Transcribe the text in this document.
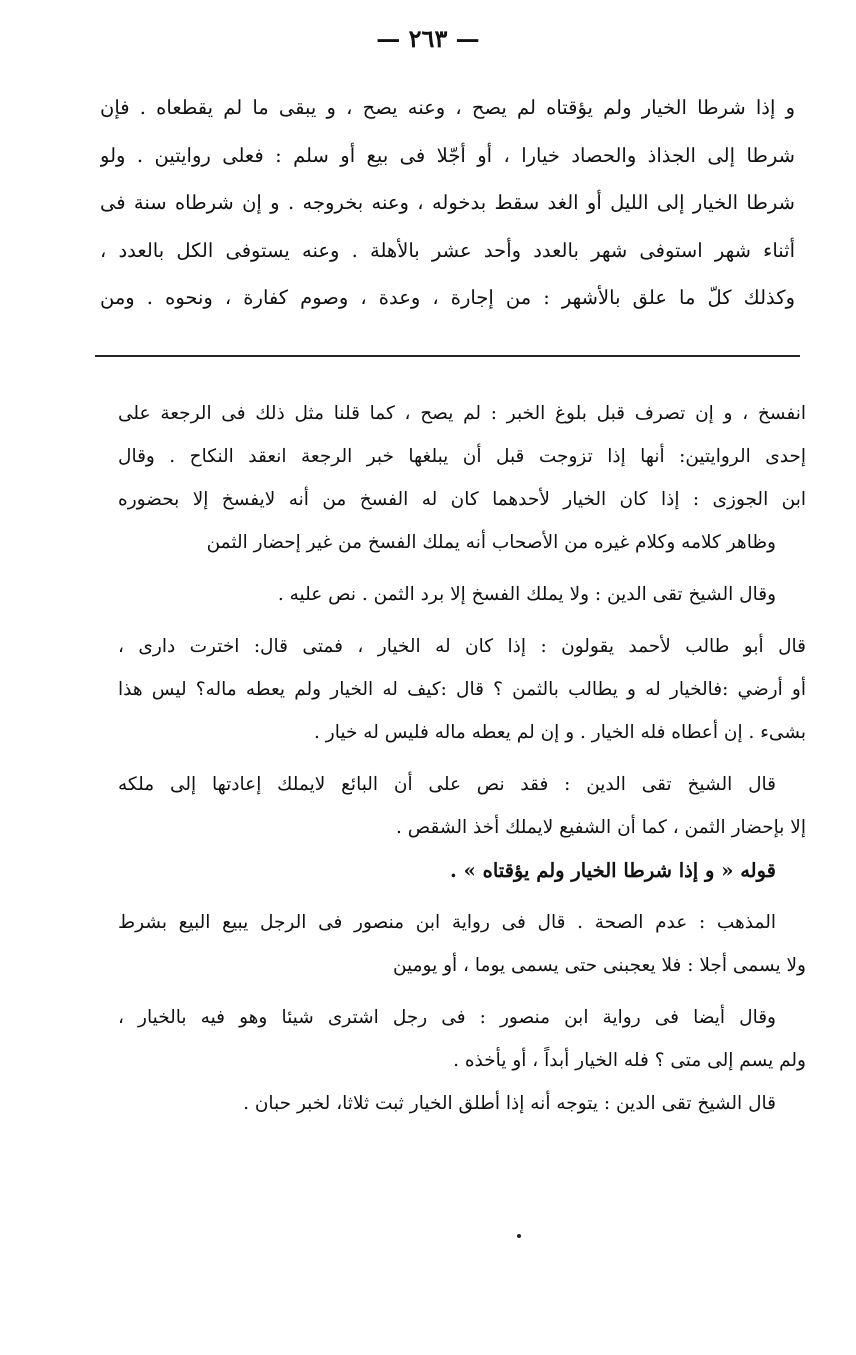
— ٢٦٣ —
و إذا شرطا الخيار ولم يؤقتاه لم يصح ، وعنه يصح ، و يبقى ما لم يقطعاه . فإن
شرطا إلى الجذاذ والحصاد خيارا ، أو أجّلا فى بيع أو سلم : فعلى روايتين . ولو
شرطا الخيار إلى الليل أو الغد سقط بدخوله ، وعنه بخروجه . و إن شرطاه سنة فى
أثناء شهر استوفى شهر بالعدد وأحد عشر بالأهلة . وعنه يستوفى الكل بالعدد ،
وكذلك كلّ ما علق بالأشهر : من إجارة ، وعدة ، وصوم كفارة ، ونحوه . ومن
انفسخ ، و إن تصرف قبل بلوغ الخبر : لم يصح ، كما قلنا مثل ذلك فى الرجعة على
إحدى الروايتين: أنها إذا تزوجت قبل أن يبلغها خبر الرجعة انعقد النكاح . وقال
ابن الجوزى : إذا كان الخيار لأحدهما كان له الفسخ من أنه لايفسخ إلا بحضوره
وظاهر كلامه وكلام غيره من الأصحاب أنه يملك الفسخ من غير إحضار الثمن
وقال الشيخ تقى الدين : ولا يملك الفسخ إلا برد الثمن . نص عليه .
قال أبو طالب لأحمد يقولون : إذا كان له الخيار ، فمتى قال: اخترت دارى ،
أو أرضي :فالخيار له و يطالب بالثمن ؟ قال :كيف له الخيار ولم يعطه ماله؟ ليس هذا
بشىء . إن أعطاه فله الخيار . و إن لم يعطه ماله فليس له خيار .
قال الشيخ تقى الدين : فقد نص على أن البائع لايملك إعادتها إلى ملكه
إلا بإحضار الثمن ، كما أن الشفيع لايملك أخذ الشقص .
قوله « و إذا شرطا الخيار ولم يؤقتاه » .
المذهب : عدم الصحة . قال فى رواية ابن منصور فى الرجل يبيع البيع بشرط
ولا يسمى أجلا : فلا يعجبنى حتى يسمى يوما ، أو يومين
وقال أيضا فى رواية ابن منصور : فى رجل اشترى شيئا وهو فيه بالخيار ،
ولم يسم إلى متى ؟ فله الخيار أبداً ، أو يأخذه .
قال الشيخ تقى الدين : يتوجه أنه إذا أطلق الخيار ثبت ثلاثا، لخبر حبان .
